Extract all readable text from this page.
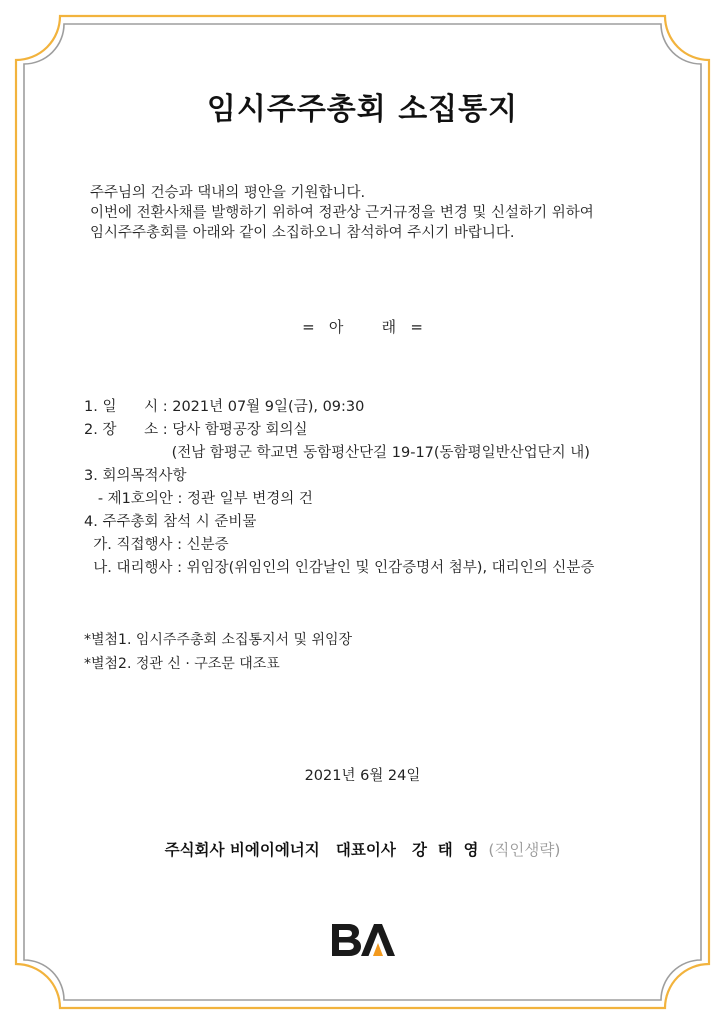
임시주주총회 소집통지
주주님의 건승과 댁내의 평안을 기원합니다.
이번에 전환사채를 발행하기 위하여 정관상 근거규정을 변경 및 신설하기 위하여
임시주주총회를 아래와 같이 소집하오니 참석하여 주시기 바랍니다.
=   아        래   =
1. 일      시 : 2021년 07월 9일(금), 09:30
2. 장      소 : 당사 함평공장 회의실
(전남 함평군 학교면 동함평산단길 19-17(동함평일반산업단지 내)
3. 회의목적사항
- 제1호의안 : 정관 일부 변경의 건
4. 주주총회 참석 시 준비물
가. 직접행사 : 신분증
나. 대리행사 : 위임장(위임인의 인감날인 및 인감증명서 첨부), 대리인의 신분증
*별첨1. 임시주주총회 소집통지서 및 위임장
*별첨2. 정관 신 · 구조문 대조표
2021년 6월 24일
주식회사 비에이에너지   대표이사   강  태  영 (직인생략)
